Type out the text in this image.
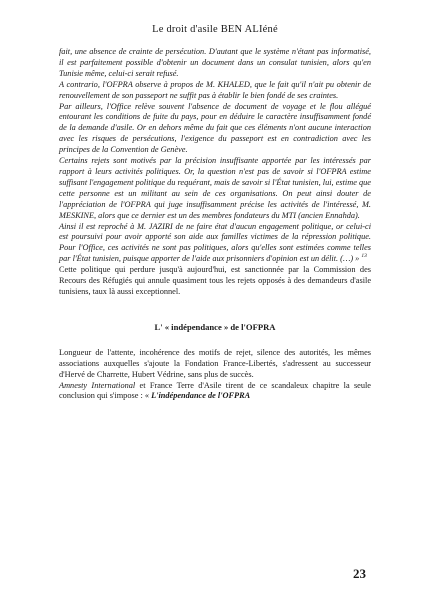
Le droit d'asile BEN ALIéné

fait, une absence de crainte de persécution. D'autant que le système n'étant pas informatisé, il est parfaitement possible d'obtenir un document dans un consulat tunisien, alors qu'en Tunisie même, celui-ci serait refusé.

A contrario, l'OFPRA observe à propos de M. KHALED, que le fait qu'il n'ait pu obtenir de renouvellement de son passeport ne suffit pas à établir le bien fondé de ses craintes.

Par ailleurs, l'Office relève souvent l'absence de document de voyage et le flou allégué entourant les conditions de fuite du pays, pour en déduire le caractère insuffisamment fondé de la demande d'asile. Or en dehors même du fait que ces éléments n'ont aucune interaction avec les risques de persécutions, l'exigence du passeport est en contradiction avec les principes de la Convention de Genève.

Certains rejets sont motivés par la précision insuffisante apportée par les intéressés par rapport à leurs activités politiques. Or, la question n'est pas de savoir si l'OFPRA estime suffisant l'engagement politique du requérant, mais de savoir si l'État tunisien, lui, estime que cette personne est un militant au sein de ces organisations. On peut ainsi douter de l'appréciation de l'OFPRA qui juge insuffisamment précise les activités de l'intéressé, M. MESKINE, alors que ce dernier est un des membres fondateurs du MTI (ancien Ennahda).

Ainsi il est reproché à M. JAZIRI de ne faire état d'aucun engagement politique, or celui-ci est poursuivi pour avoir apporté son aide aux familles victimes de la répression politique. Pour l'Office, ces activités ne sont pas politiques, alors qu'elles sont estimées comme telles par l'État tunisien, puisque apporter de l'aide aux prisonniers d'opinion est un délit. (…) » $^{13}$

Cette politique qui perdure jusqu'à aujourd'hui, est sanctionnée par la Commission des Recours des Réfugiés qui annule quasiment tous les rejets opposés à des demandeurs d'asile tunisiens, taux là aussi exceptionnel.

L' « indépendance » de l'OFPRA

Longueur de l'attente, incohérence des motifs de rejet, silence des autorités, les mêmes associations auxquelles s'ajoute la Fondation France-Libertés, s'adressent au successeur d'Hervé de Charrette, Hubert Védrine, sans plus de succès.

Amnesty International et France Terre d'Asile tirent de ce scandaleux chapitre la seule conclusion qui s'impose : « L'indépendance de l'OFPRA

23
